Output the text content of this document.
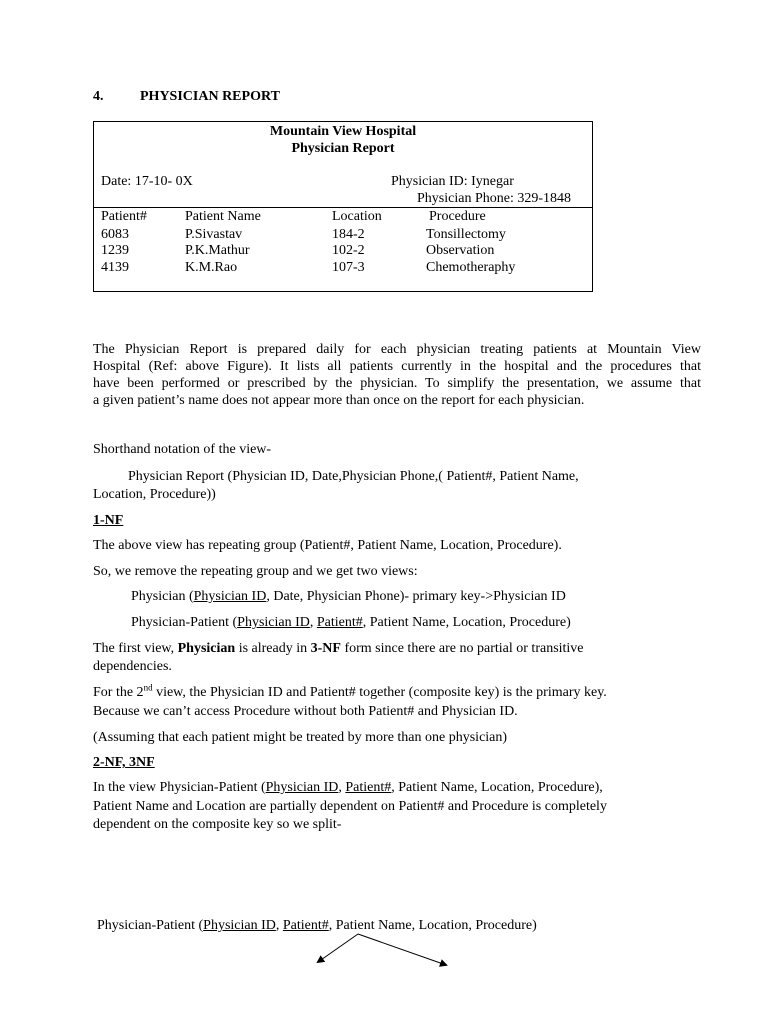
4.	PHYSICIAN REPORT
Mountain View Hospital
Physician Report
Date: 17-10- 0X	Physician ID: Iynegar
Physician Phone: 329-1848
Patient#	Patient Name	Location	Procedure
6083	P.Sivastav	184-2	Tonsillectomy
1239	P.K.Mathur	102-2	Observation
4139	K.M.Rao	107-3	Chemotheraphy
The Physician Report is prepared daily for each physician treating patients at Mountain View
Hospital (Ref: above Figure). It lists all patients currently in the hospital and the procedures that
have been performed or prescribed by the physician. To simplify the presentation, we assume that
a given patient’s name does not appear more than once on the report for each physician.
Shorthand notation of the view-
Physician Report (Physician ID, Date,Physician Phone,( Patient#, Patient Name,
Location, Procedure))
1-NF
The above view has repeating group (Patient#, Patient Name, Location, Procedure).
So, we remove the repeating group and we get two views:
Physician (Physician ID, Date, Physician Phone)- primary key->Physician ID
Physician-Patient (Physician ID, Patient#, Patient Name, Location, Procedure)
The first view, Physician is already in 3-NF form since there are no partial or transitive
dependencies.
For the 2nd view, the Physician ID and Patient# together (composite key) is the primary key.
Because we can’t access Procedure without both Patient# and Physician ID.
(Assuming that each patient might be treated by more than one physician)
2-NF, 3NF
In the view Physician-Patient (Physician ID, Patient#, Patient Name, Location, Procedure),
Patient Name and Location are partially dependent on Patient# and Procedure is completely
dependent on the composite key so we split-
Physician-Patient (Physician ID, Patient#, Patient Name, Location, Procedure)
